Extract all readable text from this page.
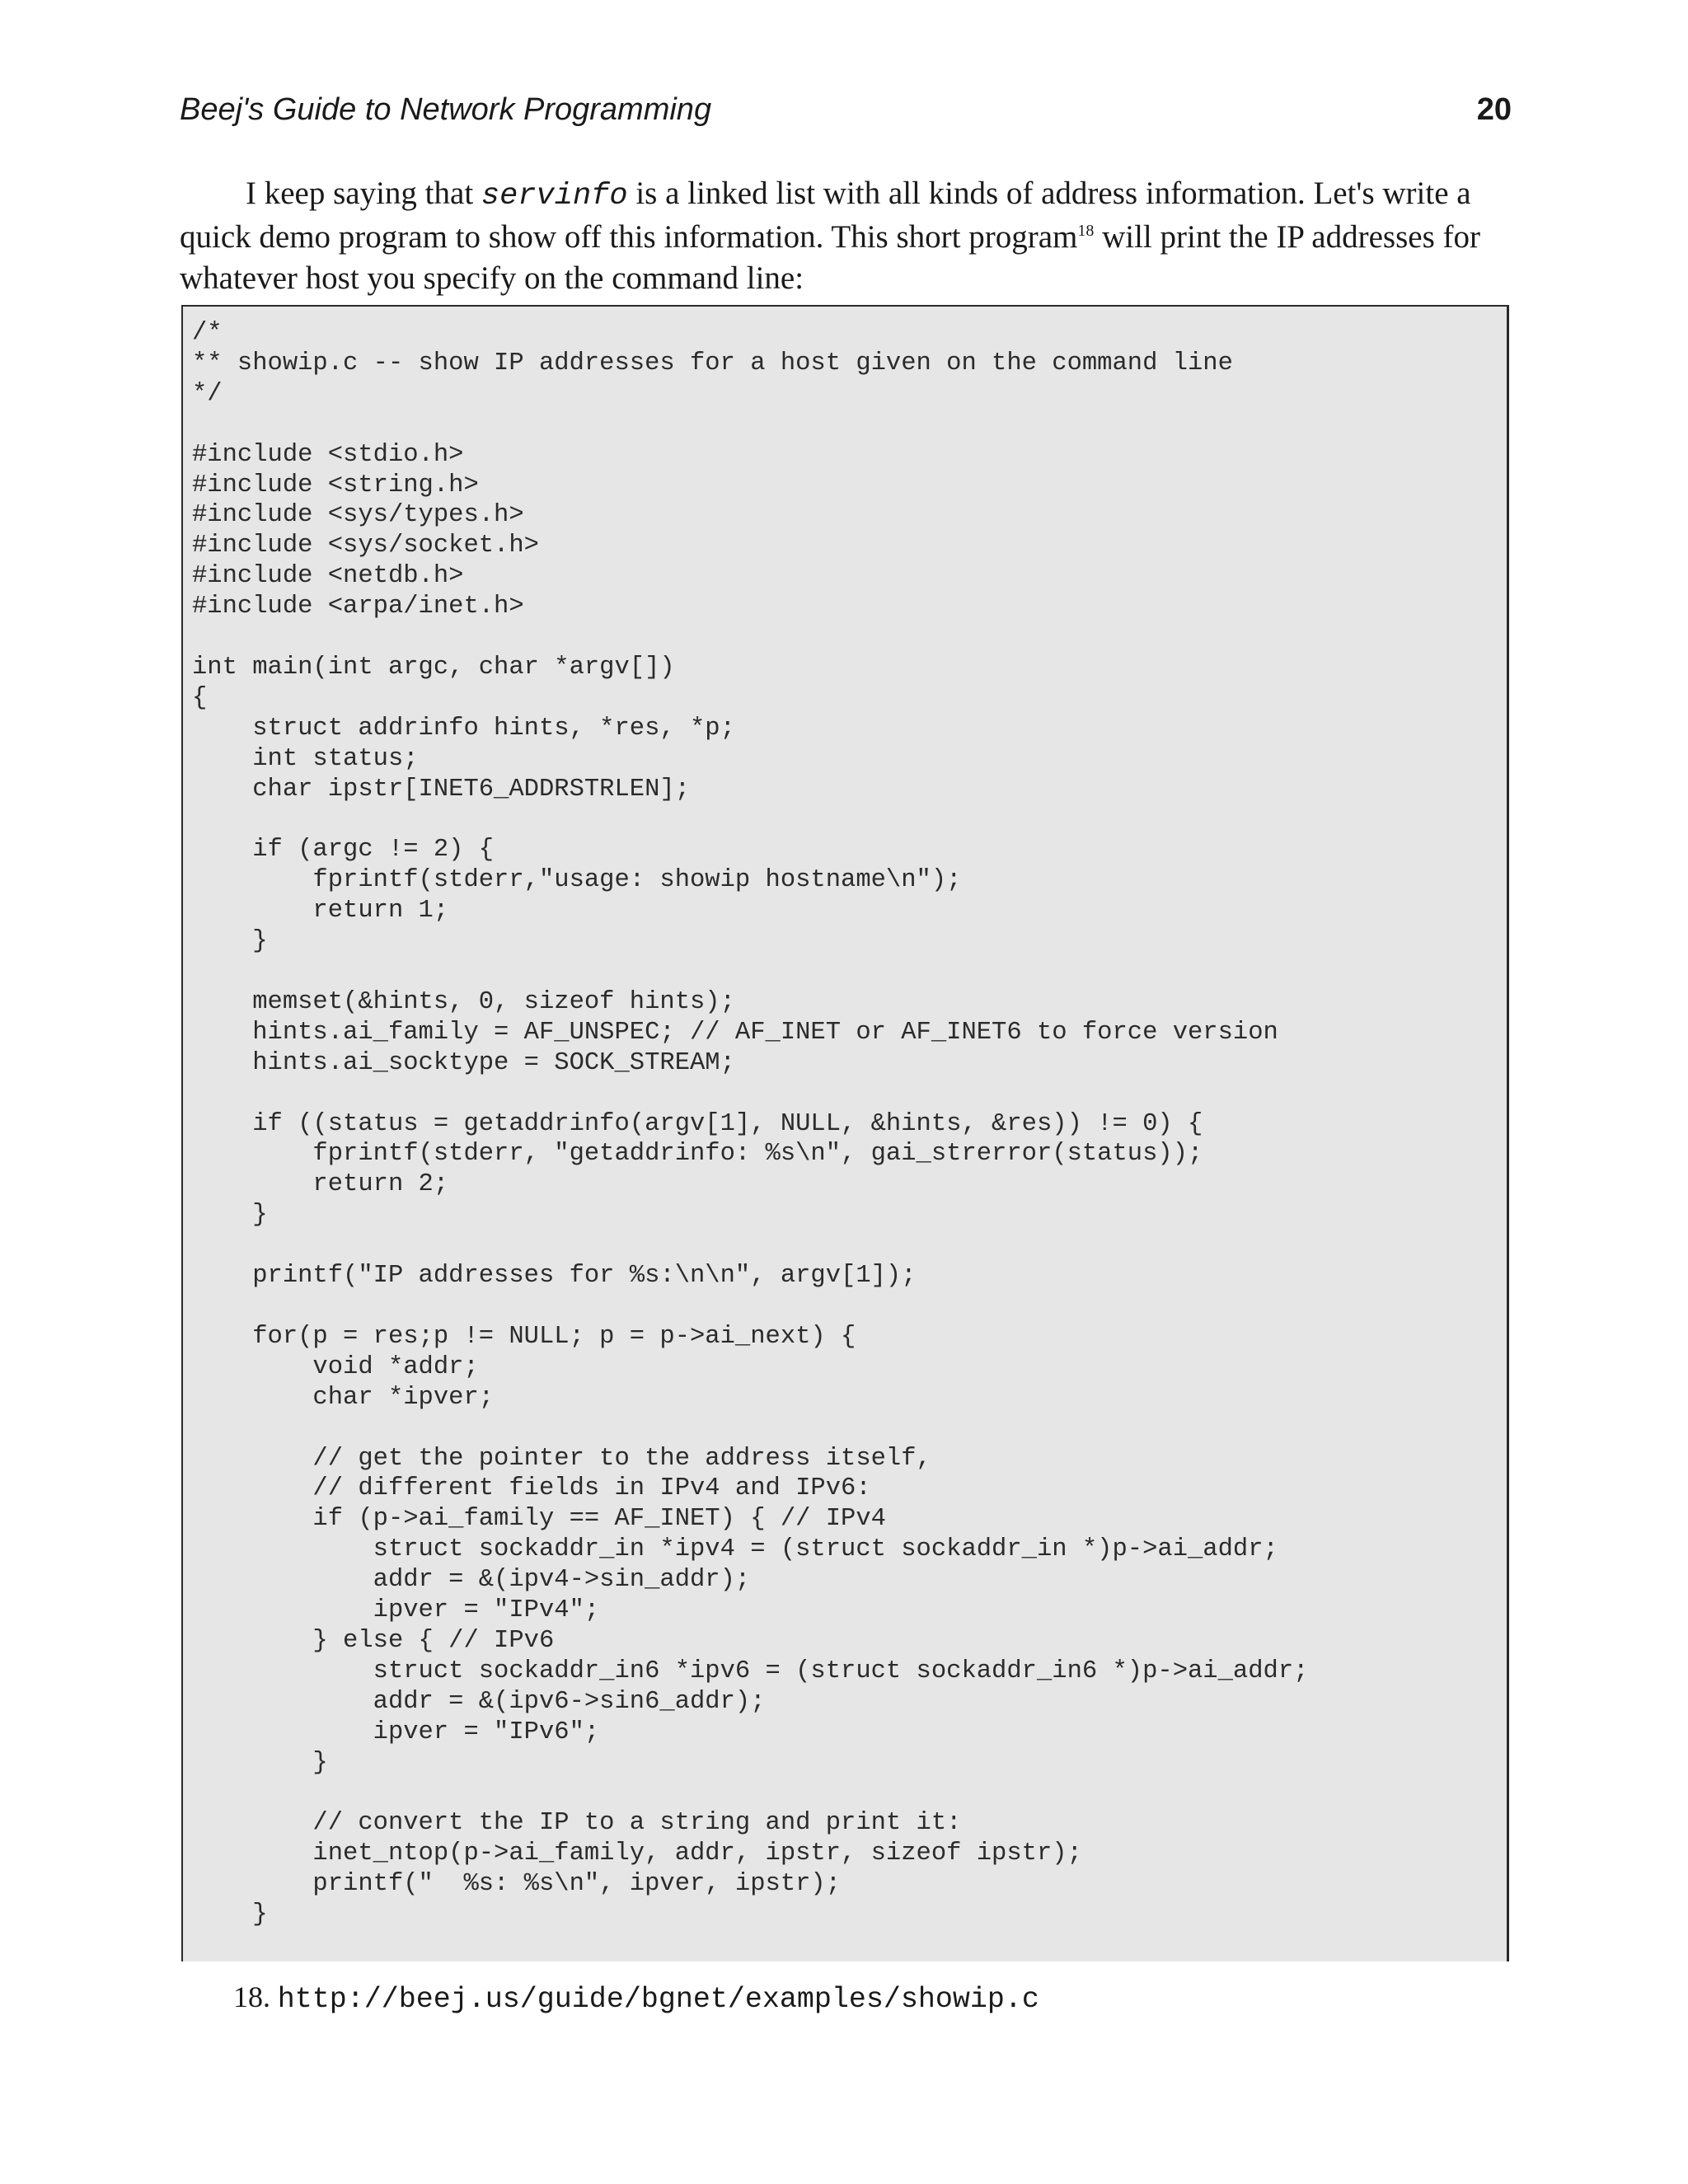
Beej's Guide to Network Programming	20
I keep saying that servinfo is a linked list with all kinds of address information. Let's write a quick demo program to show off this information. This short program$^{18}$ will print the IP addresses for whatever host you specify on the command line:
/*
** showip.c -- show IP addresses for a host given on the command line
*/

#include <stdio.h>
#include <string.h>
#include <sys/types.h>
#include <sys/socket.h>
#include <netdb.h>
#include <arpa/inet.h>

int main(int argc, char *argv[])
{
struct addrinfo hints, *res, *p;
int status;
char ipstr[INET6_ADDRSTRLEN];

if (argc != 2) {
fprintf(stderr,"usage: showip hostname\n");
return 1;
}

memset(&hints, 0, sizeof hints);
hints.ai_family = AF_UNSPEC; // AF_INET or AF_INET6 to force version
hints.ai_socktype = SOCK_STREAM;

if ((status = getaddrinfo(argv[1], NULL, &hints, &res)) != 0) {
fprintf(stderr, "getaddrinfo: %s\n", gai_strerror(status));
return 2;
}

printf("IP addresses for %s:\n\n", argv[1]);

for(p = res;p != NULL; p = p->ai_next) {
void *addr;
char *ipver;

// get the pointer to the address itself,
// different fields in IPv4 and IPv6:
if (p->ai_family == AF_INET) { // IPv4
struct sockaddr_in *ipv4 = (struct sockaddr_in *)p->ai_addr;
addr = &(ipv4->sin_addr);
ipver = "IPv4";
} else { // IPv6
struct sockaddr_in6 *ipv6 = (struct sockaddr_in6 *)p->ai_addr;
addr = &(ipv6->sin6_addr);
ipver = "IPv6";
}

// convert the IP to a string and print it:
inet_ntop(p->ai_family, addr, ipstr, sizeof ipstr);
printf("  %s: %s\n", ipver, ipstr);
}

18. http://beej.us/guide/bgnet/examples/showip.c
